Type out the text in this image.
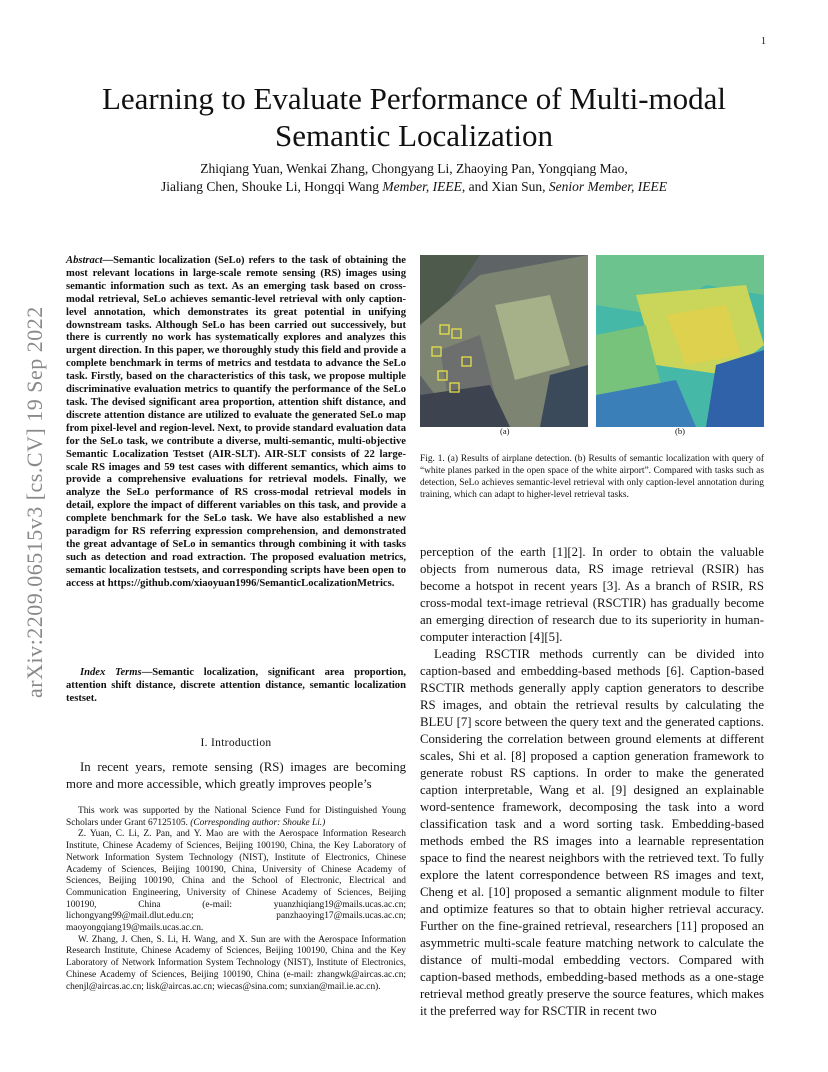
1
arXiv:2209.06515v3 [cs.CV] 19 Sep 2022
Learning to Evaluate Performance of Multi-modal Semantic Localization
Zhiqiang Yuan, Wenkai Zhang, Chongyang Li, Zhaoying Pan, Yongqiang Mao,
Jialiang Chen, Shouke Li, Hongqi Wang Member, IEEE, and Xian Sun, Senior Member, IEEE
Abstract—Semantic localization (SeLo) refers to the task of obtaining the most relevant locations in large-scale remote sensing (RS) images using semantic information such as text. As an emerging task based on cross-modal retrieval, SeLo achieves semantic-level retrieval with only caption-level annotation, which demonstrates its great potential in unifying downstream tasks. Although SeLo has been carried out successively, but there is currently no work has systematically explores and analyzes this urgent direction. In this paper, we thoroughly study this field and provide a complete benchmark in terms of metrics and testdata to advance the SeLo task. Firstly, based on the characteristics of this task, we propose multiple discriminative evaluation metrics to quantify the performance of the SeLo task. The devised significant area proportion, attention shift distance, and discrete attention distance are utilized to evaluate the generated SeLo map from pixel-level and region-level. Next, to provide standard evaluation data for the SeLo task, we contribute a diverse, multi-semantic, multi-objective Semantic Localization Testset (AIR-SLT). AIR-SLT consists of 22 large-scale RS images and 59 test cases with different semantics, which aims to provide a comprehensive evaluations for retrieval models. Finally, we analyze the SeLo performance of RS cross-modal retrieval models in detail, explore the impact of different variables on this task, and provide a complete benchmark for the SeLo task. We have also established a new paradigm for RS referring expression comprehension, and demonstrated the great advantage of SeLo in semantics through combining it with tasks such as detection and road extraction. The proposed evaluation metrics, semantic localization testsets, and corresponding scripts have been open to access at https://github.com/xiaoyuan1996/SemanticLocalizationMetrics.
Index Terms—Semantic localization, significant area proportion, attention shift distance, discrete attention distance, semantic localization testset.
I. Introduction
In recent years, remote sensing (RS) images are becoming more and more accessible, which greatly improves people’s

This work was supported by the National Science Fund for Distinguished Young Scholars under Grant 67125105. (Corresponding author: Shouke Li.)

Z. Yuan, C. Li, Z. Pan, and Y. Mao are with the Aerospace Information Research Institute, Chinese Academy of Sciences, Beijing 100190, China, the Key Laboratory of Network Information System Technology (NIST), Institute of Electronics, Chinese Academy of Sciences, Beijing 100190, China, University of Chinese Academy of Sciences, Beijing 100190, China and the School of Electronic, Electrical and Communication Engineering, University of Chinese Academy of Sciences, Beijing 100190, China (e-mail: yuanzhiqiang19@mails.ucas.ac.cn; lichongyang99@mail.dlut.edu.cn; panzhaoying17@mails.ucas.ac.cn; maoyongqiang19@mails.ucas.ac.cn.

W. Zhang, J. Chen, S. Li, H. Wang, and X. Sun are with the Aerospace Information Research Institute, Chinese Academy of Sciences, Beijing 100190, China and the Key Laboratory of Network Information System Technology (NIST), Institute of Electronics, Chinese Academy of Sciences, Beijing 100190, China (e-mail: zhangwk@aircas.ac.cn; chenjl@aircas.ac.cn; lisk@aircas.ac.cn; wiecas@sina.com; sunxian@mail.ie.ac.cn).

(a)	(b)
Fig. 1. (a) Results of airplane detection. (b) Results of semantic localization with query of “white planes parked in the open space of the white airport”. Compared with tasks such as detection, SeLo achieves semantic-level retrieval with only caption-level annotation during training, which can adapt to higher-level retrieval tasks.

perception of the earth [1][2]. In order to obtain the valuable objects from numerous data, RS image retrieval (RSIR) has become a hotspot in recent years [3]. As a branch of RSIR, RS cross-modal text-image retrieval (RSCTIR) has gradually become an emerging direction of research due to its superiority in human-computer interaction [4][5].

Leading RSCTIR methods currently can be divided into caption-based and embedding-based methods [6]. Caption-based RSCTIR methods generally apply caption generators to describe RS images, and obtain the retrieval results by calculating the BLEU [7] score between the query text and the generated captions. Considering the correlation between ground elements at different scales, Shi et al. [8] proposed a caption generation framework to generate robust RS captions. In order to make the generated caption interpretable, Wang et al. [9] designed an explainable word-sentence framework, decomposing the task into a word classification task and a word sorting task. Embedding-based methods embed the RS images into a learnable representation space to find the nearest neighbors with the retrieved text. To fully explore the latent correspondence between RS images and text, Cheng et al. [10] proposed a semantic alignment module to filter and optimize features so that to obtain higher retrieval accuracy. Further on the fine-grained retrieval, researchers [11] proposed an asymmetric multi-scale feature matching network to calculate the distance of multi-modal embedding vectors. Compared with caption-based methods, embedding-based methods as a one-stage retrieval method greatly preserve the source features, which makes it the preferred way for RSCTIR in recent two
